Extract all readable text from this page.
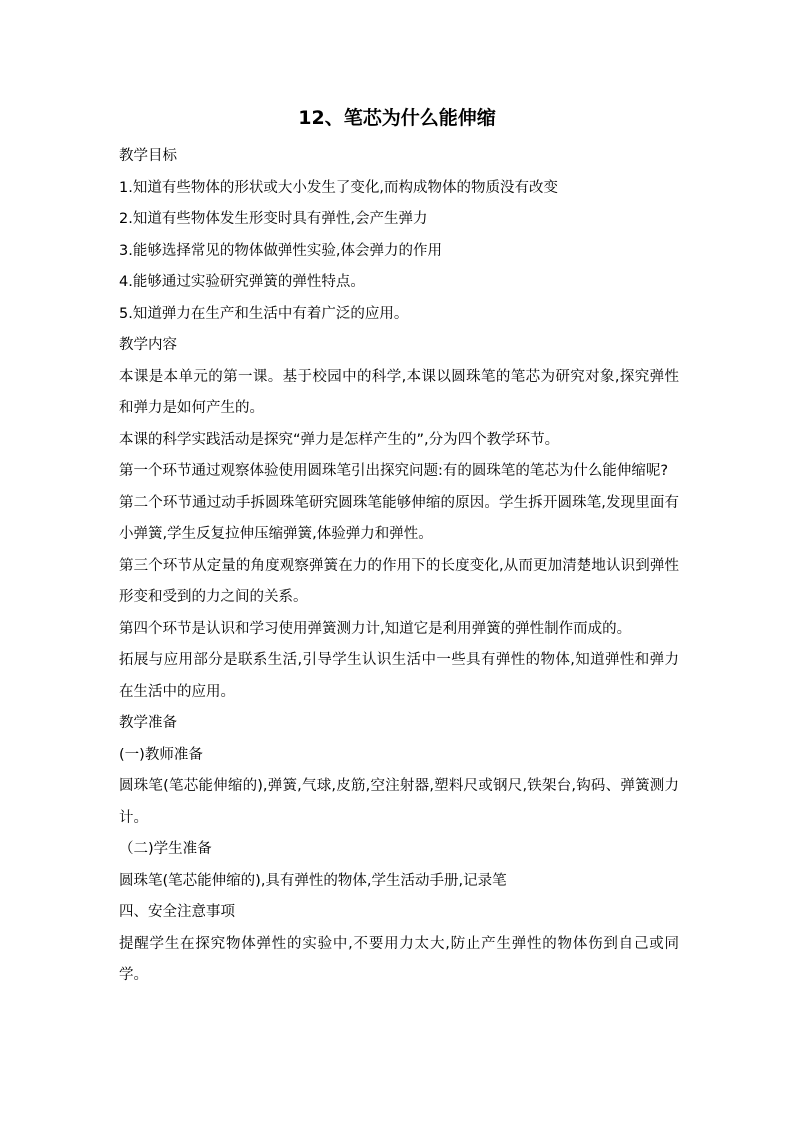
12、笔芯为什么能伸缩

教学目标

1.知道有些物体的形状或大小发生了变化,而构成物体的物质没有改变

2.知道有些物体发生形变时具有弹性,会产生弹力

3.能够选择常见的物体做弹性实验,体会弹力的作用

4.能够通过实验研究弹簧的弹性特点。

5.知道弹力在生产和生活中有着广泛的应用。

教学内容

本课是本单元的第一课。基于校园中的科学,本课以圆珠笔的笔芯为研究对象,探究弹性和弹力是如何产生的。

本课的科学实践活动是探究“弹力是怎样产生的”,分为四个教学环节。

第一个环节通过观察体验使用圆珠笔引出探究问题:有的圆珠笔的笔芯为什么能伸缩呢?

第二个环节通过动手拆圆珠笔研究圆珠笔能够伸缩的原因。学生拆开圆珠笔,发现里面有小弹簧,学生反复拉伸压缩弹簧,体验弹力和弹性。

第三个环节从定量的角度观察弹簧在力的作用下的长度变化,从而更加清楚地认识到弹性形变和受到的力之间的关系。

第四个环节是认识和学习使用弹簧测力计,知道它是利用弹簧的弹性制作而成的。

拓展与应用部分是联系生活,引导学生认识生活中一些具有弹性的物体,知道弹性和弹力在生活中的应用。

教学准备

(一)教师准备

圆珠笔(笔芯能伸缩的),弹簧,气球,皮筋,空注射器,塑料尺或钢尺,铁架台,钩码、弹簧测力计。

（二)学生准备

圆珠笔(笔芯能伸缩的),具有弹性的物体,学生活动手册,记录笔

四、安全注意事项

提醒学生在探究物体弹性的实验中,不要用力太大,防止产生弹性的物体伤到自己或同学。
